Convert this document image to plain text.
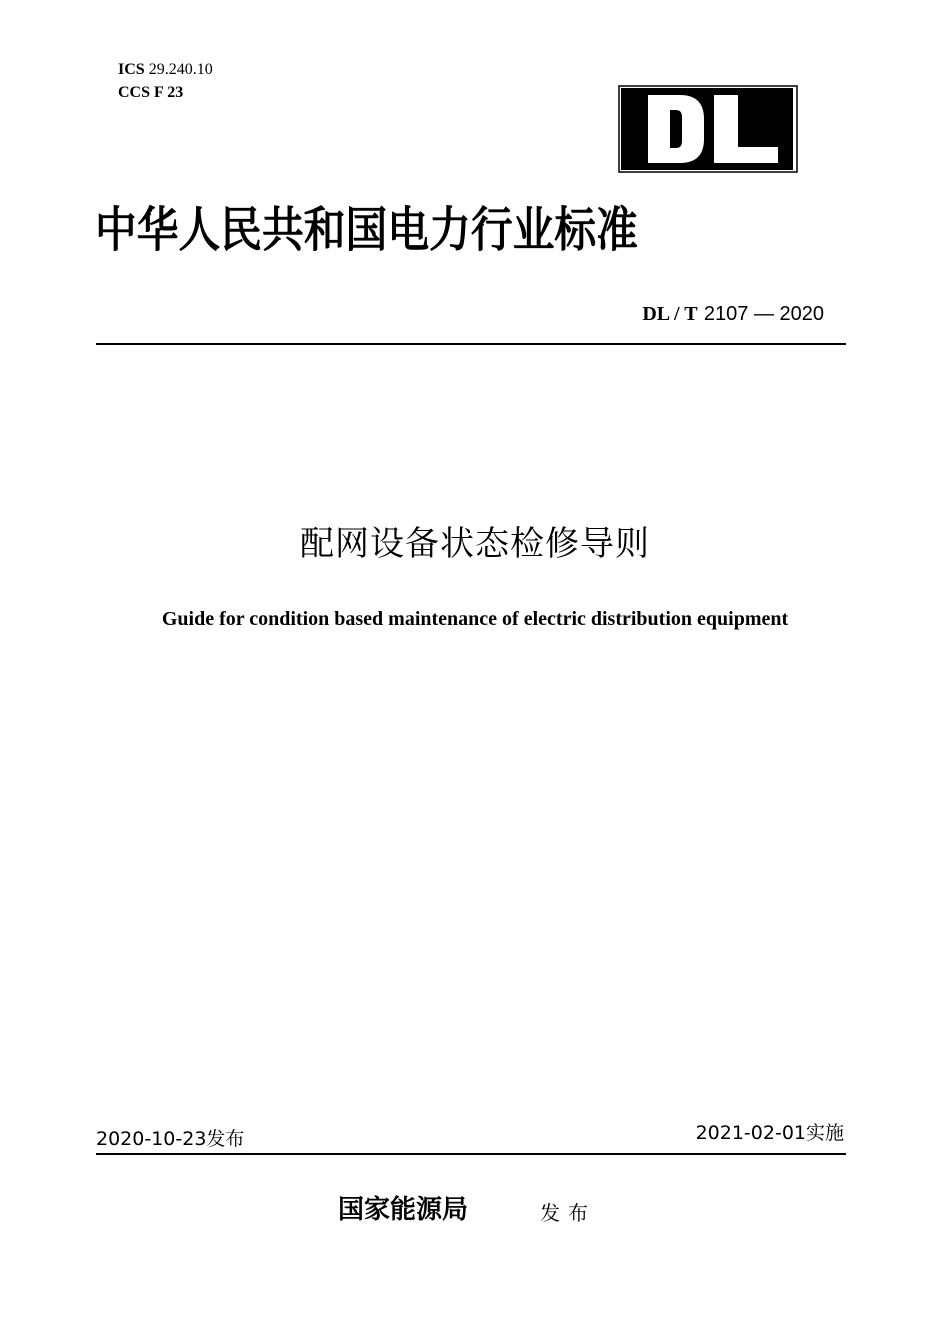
ICS 29.240.10
CCS F 23
中华人民共和国电力行业标准
DL / T 2107 — 2020
配网设备状态检修导则
Guide for condition based maintenance of electric distribution equipment
2020-10-23发布	2021-02-01实施
国家能源局	发布
